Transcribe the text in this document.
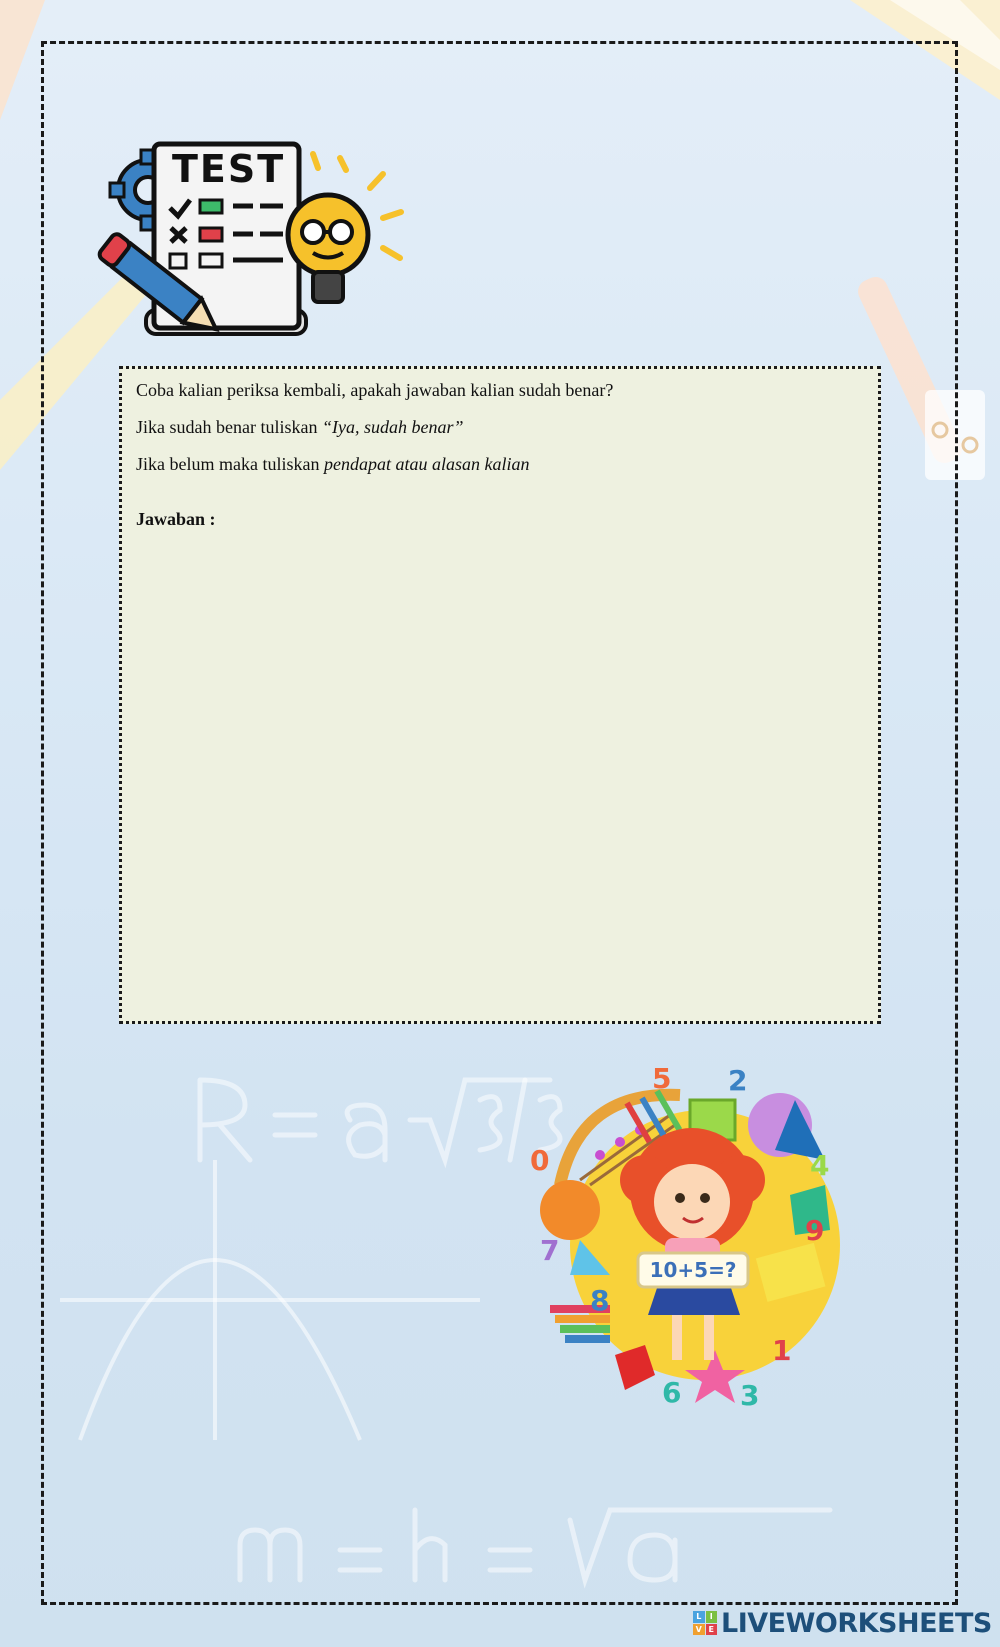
TEST

Coba kalian periksa kembali, apakah jawaban kalian sudah benar?

Jika sudah benar tuliskan “Iya, sudah benar”

Jika belum maka tuliskan pendapat atau alasan kalian

Jawaban :
5 2
4
0
9
7
8
1
6 3
10+5=?
L	I
V E LIVEWORKSHEETS
